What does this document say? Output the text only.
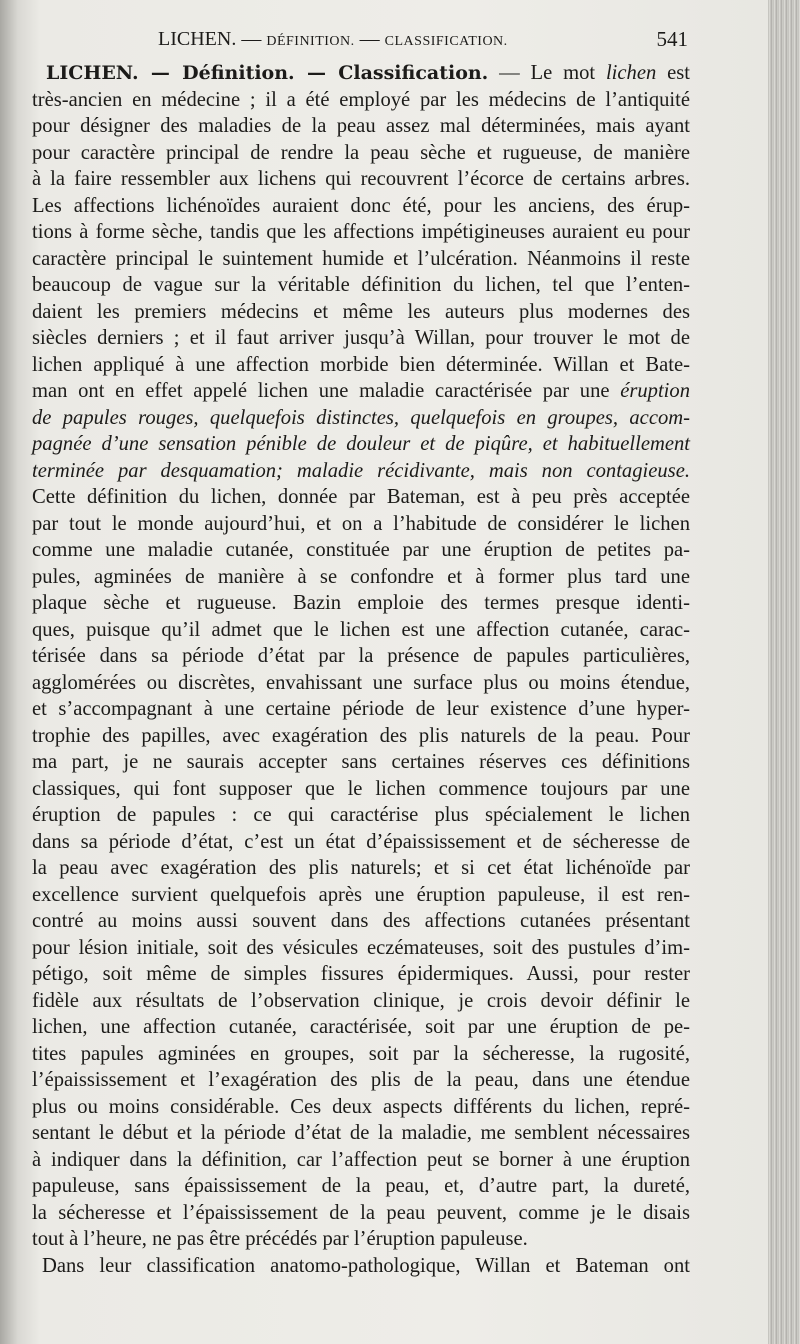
LICHEN. — DÉFINITION. — CLASSIFICATION.	541
LICHEN. — Définition. — Classification. — Le mot lichen est
très-ancien en médecine ; il a été employé par les médecins de l’antiquité
pour désigner des maladies de la peau assez mal déterminées, mais ayant
pour caractère principal de rendre la peau sèche et rugueuse, de manière
à la faire ressembler aux lichens qui recouvrent l’écorce de certains arbres.
Les affections lichénoïdes auraient donc été, pour les anciens, des érup-
tions à forme sèche, tandis que les affections impétigineuses auraient eu pour
caractère principal le suintement humide et l’ulcération. Néanmoins il reste
beaucoup de vague sur la véritable définition du lichen, tel que l’enten-
daient les premiers médecins et même les auteurs plus modernes des
siècles derniers ; et il faut arriver jusqu’à Willan, pour trouver le mot de
lichen appliqué à une affection morbide bien déterminée. Willan et Bate-
man ont en effet appelé lichen une maladie caractérisée par une éruption
de papules rouges, quelquefois distinctes, quelquefois en groupes, accom-
pagnée d’une sensation pénible de douleur et de piqûre, et habituellement
terminée par desquamation; maladie récidivante, mais non contagieuse.
Cette définition du lichen, donnée par Bateman, est à peu près acceptée
par tout le monde aujourd’hui, et on a l’habitude de considérer le lichen
comme une maladie cutanée, constituée par une éruption de petites pa-
pules, agminées de manière à se confondre et à former plus tard une
plaque sèche et rugueuse. Bazin emploie des termes presque identi-
ques, puisque qu’il admet que le lichen est une affection cutanée, carac-
térisée dans sa période d’état par la présence de papules particulières,
agglomérées ou discrètes, envahissant une surface plus ou moins étendue,
et s’accompagnant à une certaine période de leur existence d’une hyper-
trophie des papilles, avec exagération des plis naturels de la peau. Pour
ma part, je ne saurais accepter sans certaines réserves ces définitions
classiques, qui font supposer que le lichen commence toujours par une
éruption de papules : ce qui caractérise plus spécialement le lichen
dans sa période d’état, c’est un état d’épaississement et de sécheresse de
la peau avec exagération des plis naturels; et si cet état lichénoïde par
excellence survient quelquefois après une éruption papuleuse, il est ren-
contré au moins aussi souvent dans des affections cutanées présentant
pour lésion initiale, soit des vésicules eczémateuses, soit des pustules d’im-
pétigo, soit même de simples fissures épidermiques. Aussi, pour rester
fidèle aux résultats de l’observation clinique, je crois devoir définir le
lichen, une affection cutanée, caractérisée, soit par une éruption de pe-
tites papules agminées en groupes, soit par la sécheresse, la rugosité,
l’épaississement et l’exagération des plis de la peau, dans une étendue
plus ou moins considérable. Ces deux aspects différents du lichen, repré-
sentant le début et la période d’état de la maladie, me semblent nécessaires
à indiquer dans la définition, car l’affection peut se borner à une éruption
papuleuse, sans épaississement de la peau, et, d’autre part, la dureté,
la sécheresse et l’épaississement de la peau peuvent, comme je le disais
tout à l’heure, ne pas être précédés par l’éruption papuleuse.
Dans leur classification anatomo-pathologique, Willan et Bateman ont
